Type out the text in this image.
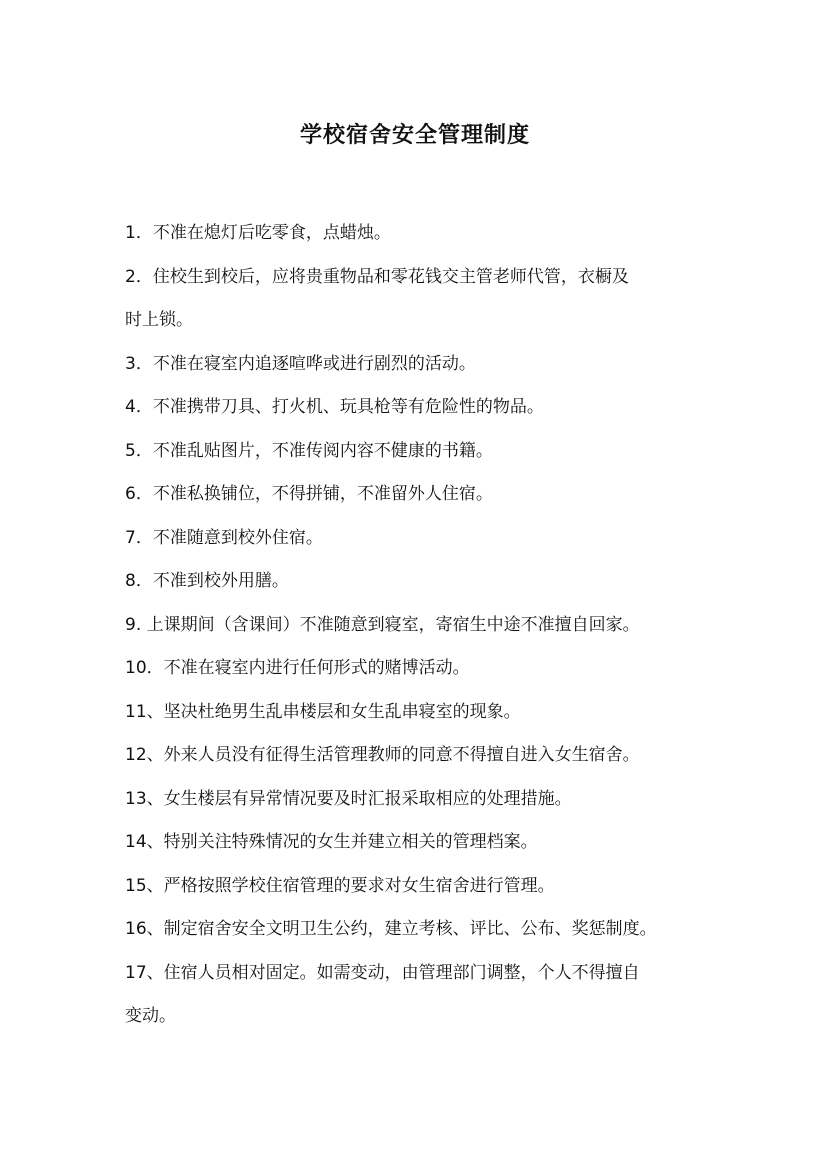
学校宿舍安全管理制度
1．不准在熄灯后吃零食，点蜡烛。
2．住校生到校后，应将贵重物品和零花钱交主管老师代管，衣橱及
时上锁。
3．不准在寝室内追逐喧哗或进行剧烈的活动。
4．不准携带刀具、打火机、玩具枪等有危险性的物品。
5．不准乱贴图片，不准传阅内容不健康的书籍。
6．不准私换铺位，不得拼铺，不准留外人住宿。
7．不准随意到校外住宿。
8．不准到校外用膳。
9. 上课期间（含课间）不准随意到寝室，寄宿生中途不准擅自回家。
10．不准在寝室内进行任何形式的赌博活动。
11、坚决杜绝男生乱串楼层和女生乱串寝室的现象。
12、外来人员没有征得生活管理教师的同意不得擅自进入女生宿舍。
13、女生楼层有异常情况要及时汇报采取相应的处理措施。
14、特别关注特殊情况的女生并建立相关的管理档案。
15、严格按照学校住宿管理的要求对女生宿舍进行管理。
16、制定宿舍安全文明卫生公约，建立考核、评比、公布、奖惩制度。
17、住宿人员相对固定。如需变动，由管理部门调整，个人不得擅自
变动。
